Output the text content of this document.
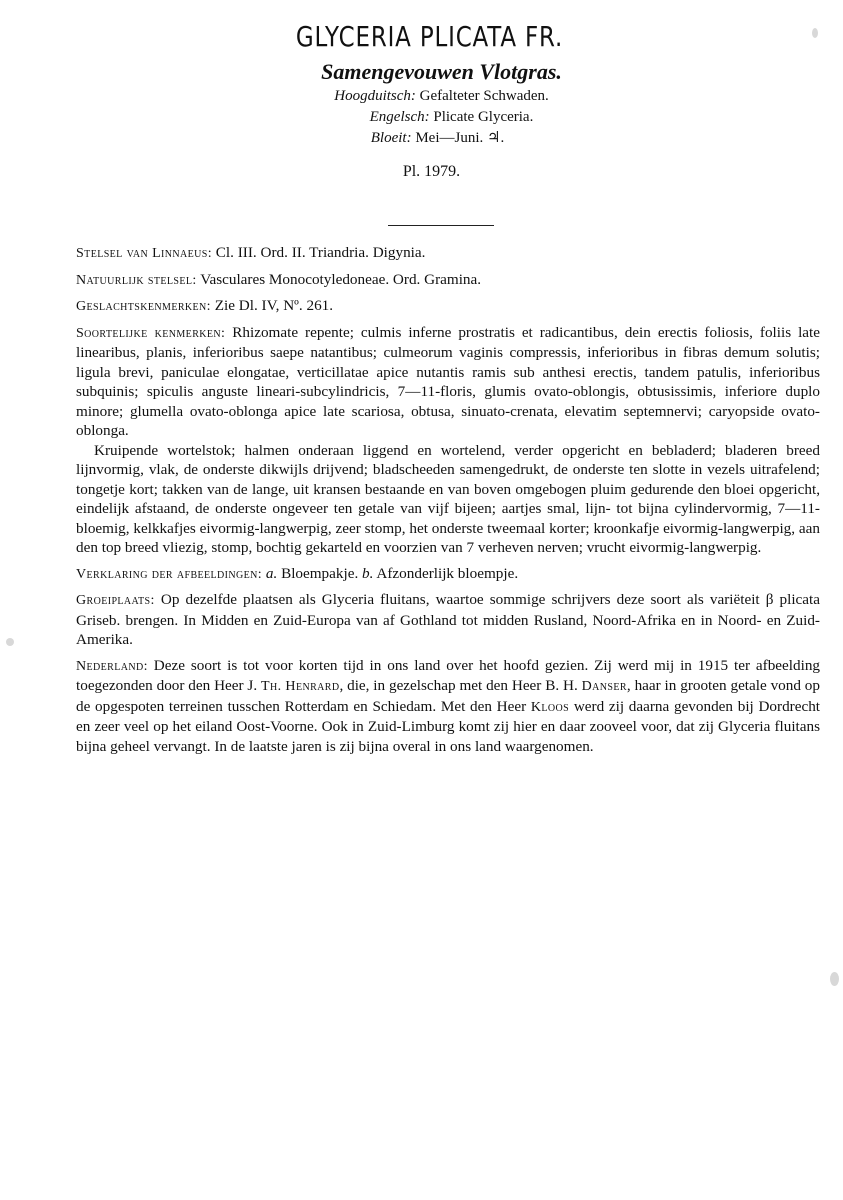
GLYCERIA PLICATA FR.
Samengevouwen Vlotgras.
Hoogduitsch: Gefalteter Schwaden.
Engelsch: Plicate Glyceria.
Bloeit: Mei—Juni. ♃.
Pl. 1979.

Stelsel van Linnaeus: Cl. III. Ord. II. Triandria. Digynia.

Natuurlijk stelsel: Vasculares Monocotyledoneae. Ord. Gramina.

Geslachtskenmerken: Zie Dl. IV, Nº. 261.

Soortelijke kenmerken: Rhizomate repente; culmis inferne prostratis et radicantibus, dein erectis foliosis, foliis late linearibus, planis, inferioribus saepe natantibus; culmeorum vaginis compressis, inferioribus in fibras demum solutis; ligula brevi, paniculae elongatae, verticillatae apice nutantis ramis sub anthesi erectis, tandem patulis, inferioribus subquinis; spiculis anguste lineari-subcylindricis, 7—11-floris, glumis ovato-oblongis, obtusissimis, inferiore duplo minore; glumella ovato-oblonga apice late scariosa, obtusa, sinuato-crenata, elevatim septemnervi; caryopside ovato-oblonga.

Kruipende wortelstok; halmen onderaan liggend en wortelend, verder opgericht en bebladerd; bladeren breed lijnvormig, vlak, de onderste dikwijls drijvend; bladscheeden samengedrukt, de onderste ten slotte in vezels uitrafelend; tongetje kort; takken van de lange, uit kransen bestaande en van boven omgebogen pluim gedurende den bloei opgericht, eindelijk afstaand, de onderste ongeveer ten getale van vijf bijeen; aartjes smal, lijn- tot bijna cylindervormig, 7—11-bloemig, kelkkafjes eivormig-langwerpig, zeer stomp, het onderste tweemaal korter; kroonkafje eivormig-langwerpig, aan den top breed vliezig, stomp, bochtig gekarteld en voorzien van 7 verheven nerven; vrucht eivormig-langwerpig.

Verklaring der afbeeldingen: a. Bloempakje. b. Afzonderlijk bloempje.

Groeiplaats: Op dezelfde plaatsen als Glyceria fluitans, waartoe sommige schrijvers deze soort als variëteit β plicata Griseb. brengen. In Midden en Zuid-Europa van af Gothland tot midden Rusland, Noord-Afrika en in Noord- en Zuid-Amerika.

Nederland: Deze soort is tot voor korten tijd in ons land over het hoofd gezien. Zij werd mij in 1915 ter afbeelding toegezonden door den Heer J. Th. Henrard, die, in gezelschap met den Heer B. H. Danser, haar in grooten getale vond op de opgespoten terreinen tusschen Rotterdam en Schiedam. Met den Heer Kloos werd zij daarna gevonden bij Dordrecht en zeer veel op het eiland Oost-Voorne. Ook in Zuid-Limburg komt zij hier en daar zooveel voor, dat zij Glyceria fluitans bijna geheel vervangt. In de laatste jaren is zij bijna overal in ons land waargenomen.
